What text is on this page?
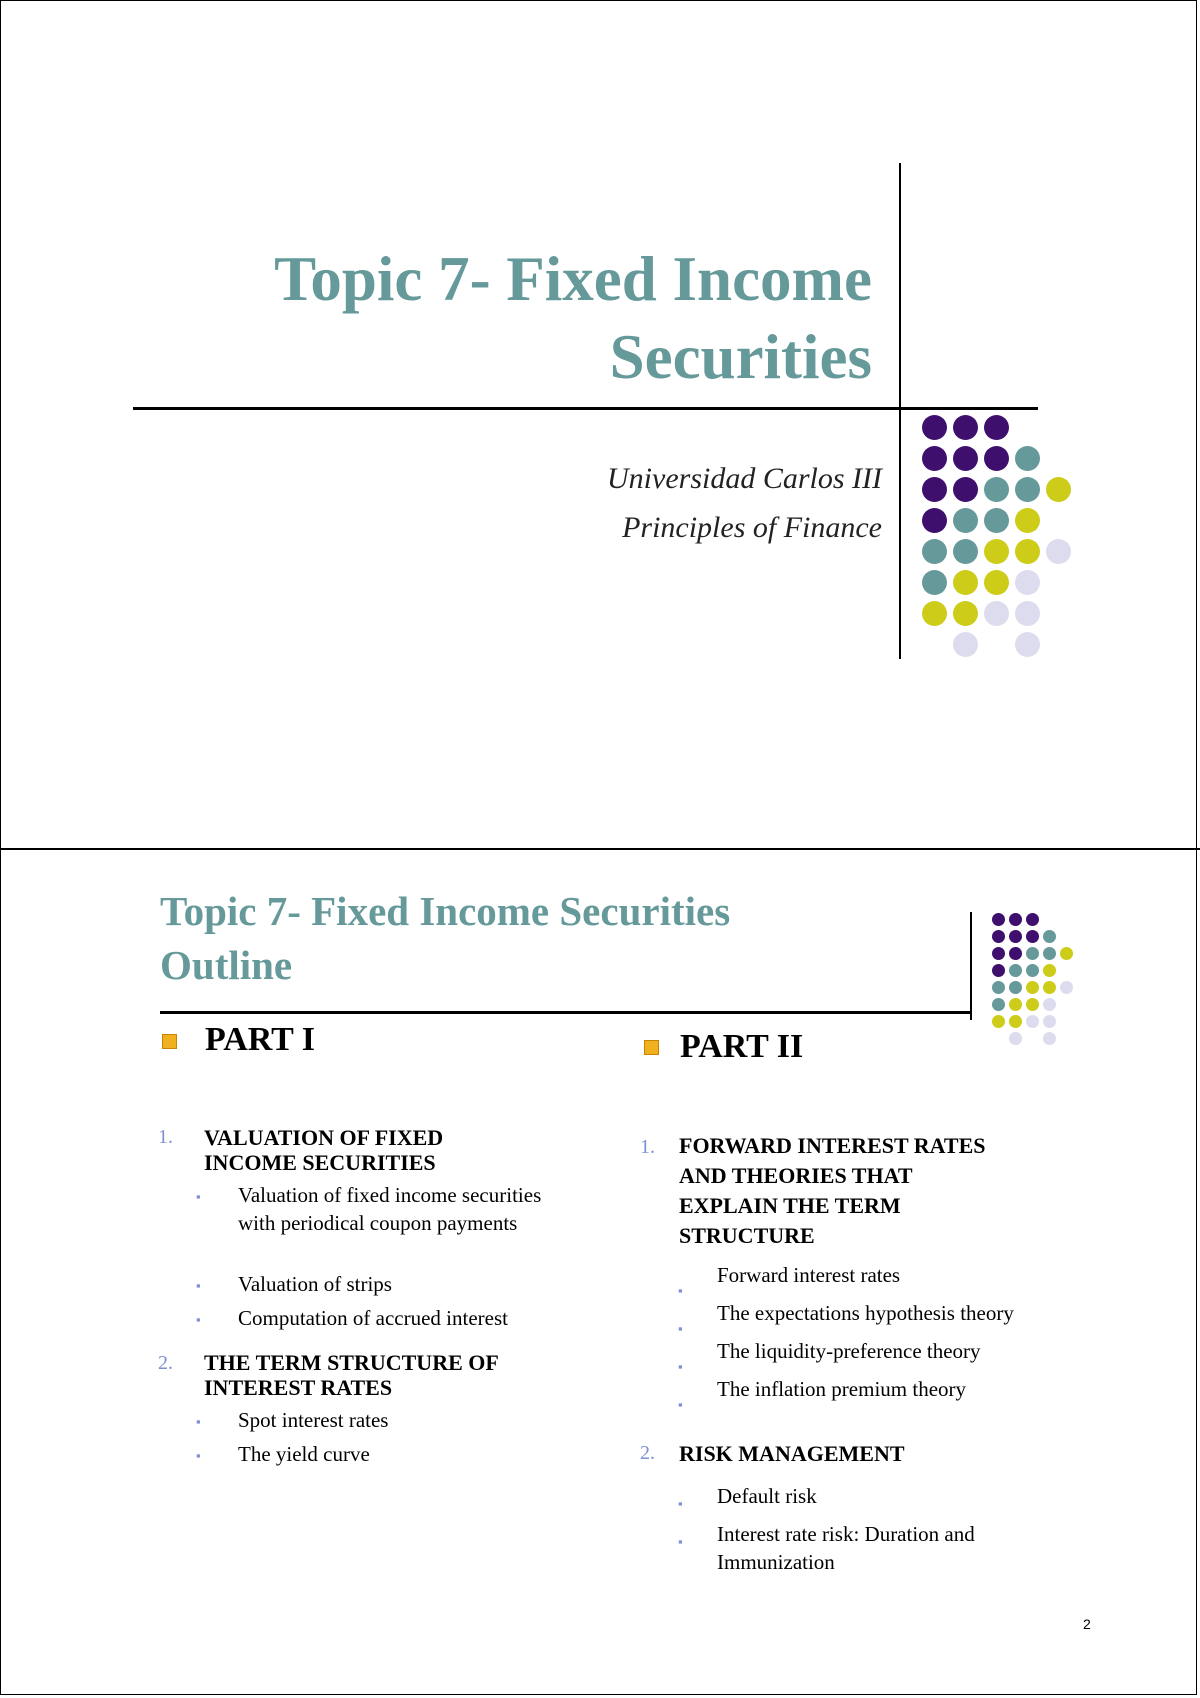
Topic 7- Fixed Income
Securities
Universidad Carlos III
Principles of Finance
Topic 7- Fixed Income Securities
Outline
PART I
1. VALUATION OF FIXED
INCOME SECURITIES
▪ Valuation of fixed income securities with periodical coupon payments
▪ Valuation of strips
▪ Computation of accrued interest
2. THE TERM STRUCTURE OF
INTEREST RATES
▪ Spot interest rates
▪ The yield curve
PART II
1. FORWARD INTEREST RATES
AND THEORIES THAT
EXPLAIN THE TERM
STRUCTURE
▪
Forward interest rates
▪
The expectations hypothesis theory
▪
The liquidity-preference theory
▪
The inflation premium theory
2. RISK MANAGEMENT
▪ Default risk
▪ Interest rate risk: Duration and Immunization
2
